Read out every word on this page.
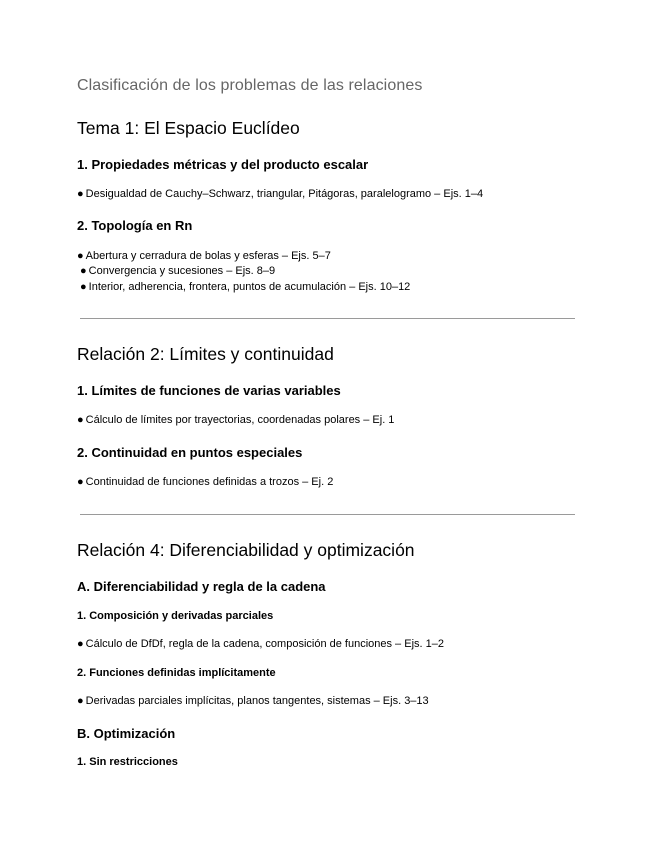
Clasificación de los problemas de las relaciones
Tema 1: El Espacio Euclídeo
1. Propiedades métricas y del producto escalar
● Desigualdad de Cauchy–Schwarz, triangular, Pitágoras, paralelogramo – Ejs. 1–4
2. Topología en Rn
● Abertura y cerradura de bolas y esferas – Ejs. 5–7
● Convergencia y sucesiones – Ejs. 8–9
● Interior, adherencia, frontera, puntos de acumulación – Ejs. 10–12
Relación 2: Límites y continuidad
1. Límites de funciones de varias variables
● Cálculo de límites por trayectorias, coordenadas polares – Ej. 1
2. Continuidad en puntos especiales
● Continuidad de funciones definidas a trozos – Ej. 2
Relación 4: Diferenciabilidad y optimización
A. Diferenciabilidad y regla de la cadena
1. Composición y derivadas parciales
● Cálculo de DfDf, regla de la cadena, composición de funciones – Ejs. 1–2
2. Funciones definidas implícitamente
● Derivadas parciales implícitas, planos tangentes, sistemas – Ejs. 3–13
B. Optimización
1. Sin restricciones
